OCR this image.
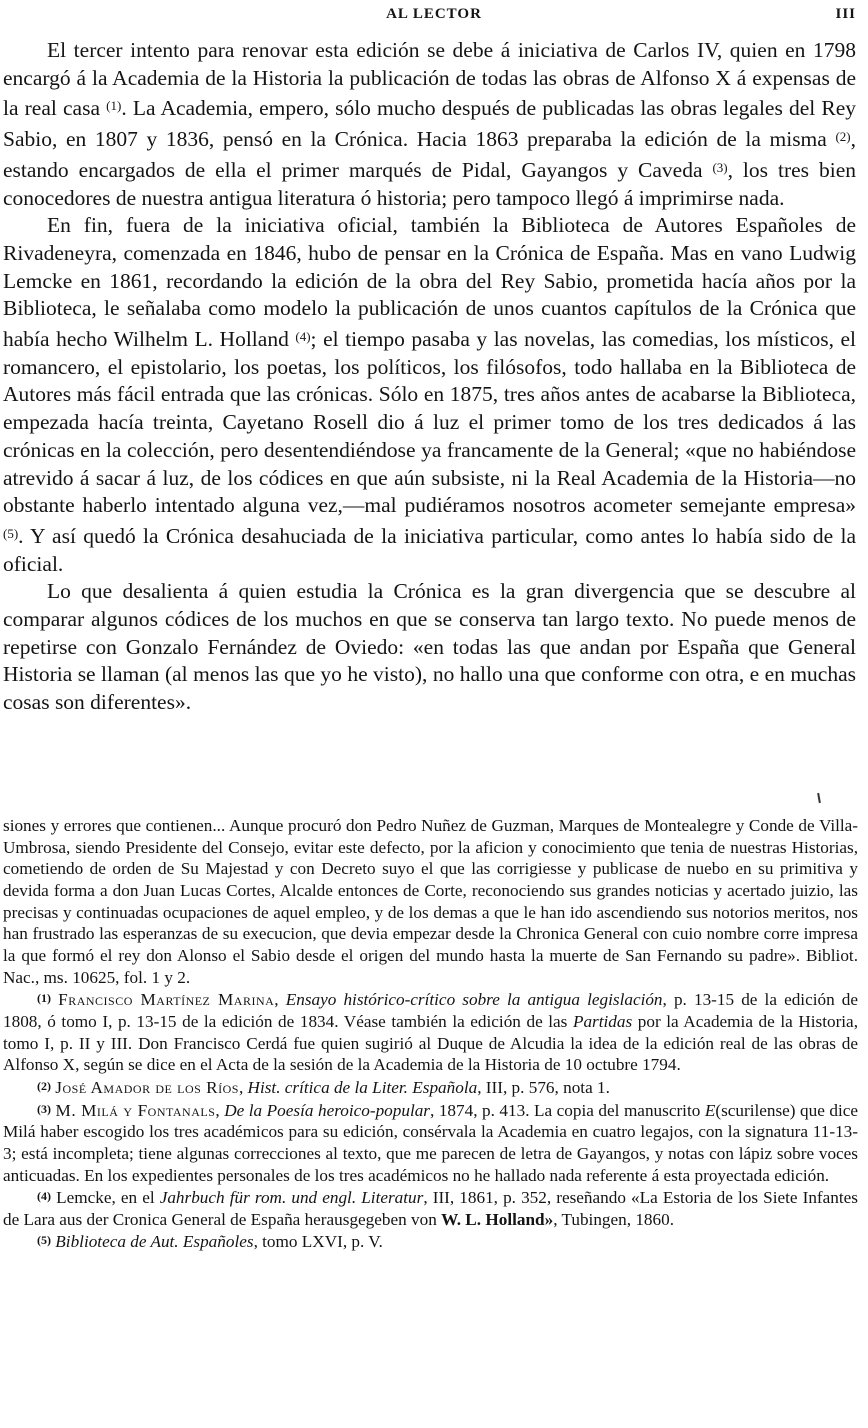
AL LECTOR	III

El tercer intento para renovar esta edición se debe á iniciativa de Carlos IV, quien en 1798 encargó á la Academia de la Historia la publicación de todas las obras de Alfonso X á expensas de la real casa $^{(1)}$. La Academia, empero, sólo mucho después de publicadas las obras legales del Rey Sabio, en 1807 y 1836, pensó en la Crónica. Hacia 1863 preparaba la edición de la misma $^{(2)}$, estando encargados de ella el primer marqués de Pidal, Gayangos y Caveda $^{(3)}$, los tres bien conocedores de nuestra antigua literatura ó historia; pero tampoco llegó á imprimirse nada.

En fin, fuera de la iniciativa oficial, también la Biblioteca de Autores Españoles de Rivadeneyra, comenzada en 1846, hubo de pensar en la Crónica de España. Mas en vano Ludwig Lemcke en 1861, recordando la edición de la obra del Rey Sabio, prometida hacía años por la Biblioteca, le señalaba como modelo la publicación de unos cuantos capítulos de la Crónica que había hecho Wilhelm L. Holland $^{(4)}$; el tiempo pasaba y las novelas, las comedias, los místicos, el romancero, el epistolario, los poetas, los políticos, los filósofos, todo hallaba en la Biblioteca de Autores más fácil entrada que las crónicas. Sólo en 1875, tres años antes de acabarse la Biblioteca, empezada hacía treinta, Cayetano Rosell dio á luz el primer tomo de los tres dedicados á las crónicas en la colección, pero desentendiéndose ya francamente de la General; «que no habiéndose atrevido á sacar á luz, de los códices en que aún subsiste, ni la Real Academia de la Historia—no obstante haberlo intentado alguna vez,—mal pudiéramos nosotros acometer semejante empresa» $^{(5)}$. Y así quedó la Crónica desahuciada de la iniciativa particular, como antes lo había sido de la oficial.

Lo que desalienta á quien estudia la Crónica es la gran divergencia que se descubre al comparar algunos códices de los muchos en que se conserva tan largo texto. No puede menos de repetirse con Gonzalo Fernández de Oviedo: «en todas las que andan por España que General Historia se llaman (al menos las que yo he visto), no hallo una que conforme con otra, e en muchas cosas son diferentes».

siones y errores que contienen... Aunque procuró don Pedro Nuñez de Guzman, Marques de Montealegre y Conde de Villa-Umbrosa, siendo Presidente del Consejo, evitar este defecto, por la aficion y conocimiento que tenia de nuestras Historias, cometiendo de orden de Su Majestad y con Decreto suyo el que las corrigiesse y publicase de nuebo en su primitiva y devida forma a don Juan Lucas Cortes, Alcalde entonces de Corte, reconociendo sus grandes noticias y acertado juizio, las precisas y continuadas ocupaciones de aquel empleo, y de los demas a que le han ido ascendiendo sus notorios meritos, nos han frustrado las esperanzas de su execucion, que devia empezar desde la Chronica General con cuio nombre corre impresa la que formó el rey don Alonso el Sabio desde el origen del mundo hasta la muerte de San Fernando su padre». Bibliot. Nac., ms. 10625, fol. 1 y 2.

(1) Francisco Martínez Marina, Ensayo histórico-crítico sobre la antigua legislación, p. 13-15 de la edición de 1808, ó tomo I, p. 13-15 de la edición de 1834. Véase también la edición de las Partidas por la Academia de la Historia, tomo I, p. II y III. Don Francisco Cerdá fue quien sugirió al Duque de Alcudia la idea de la edición real de las obras de Alfonso X, según se dice en el Acta de la sesión de la Academia de la Historia de 10 octubre 1794.

(2) José Amador de los Ríos, Hist. crítica de la Liter. Española, III, p. 576, nota 1.

(3) M. Milá y Fontanals, De la Poesía heroico-popular, 1874, p. 413. La copia del manuscrito E(scurilense) que dice Milá haber escogido los tres académicos para su edición, consérvala la Academia en cuatro legajos, con la signatura 11-13-3; está incompleta; tiene algunas correcciones al texto, que me parecen de letra de Gayangos, y notas con lápiz sobre voces anticuadas. En los expedientes personales de los tres académicos no he hallado nada referente á esta proyectada edición.

(4) Lemcke, en el Jahrbuch für rom. und engl. Literatur, III, 1861, p. 352, reseñando «La Estoria de los Siete Infantes de Lara aus der Cronica General de España herausgegeben von W. L. Holland», Tubingen, 1860.

(5) Biblioteca de Aut. Españoles, tomo LXVI, p. V.
